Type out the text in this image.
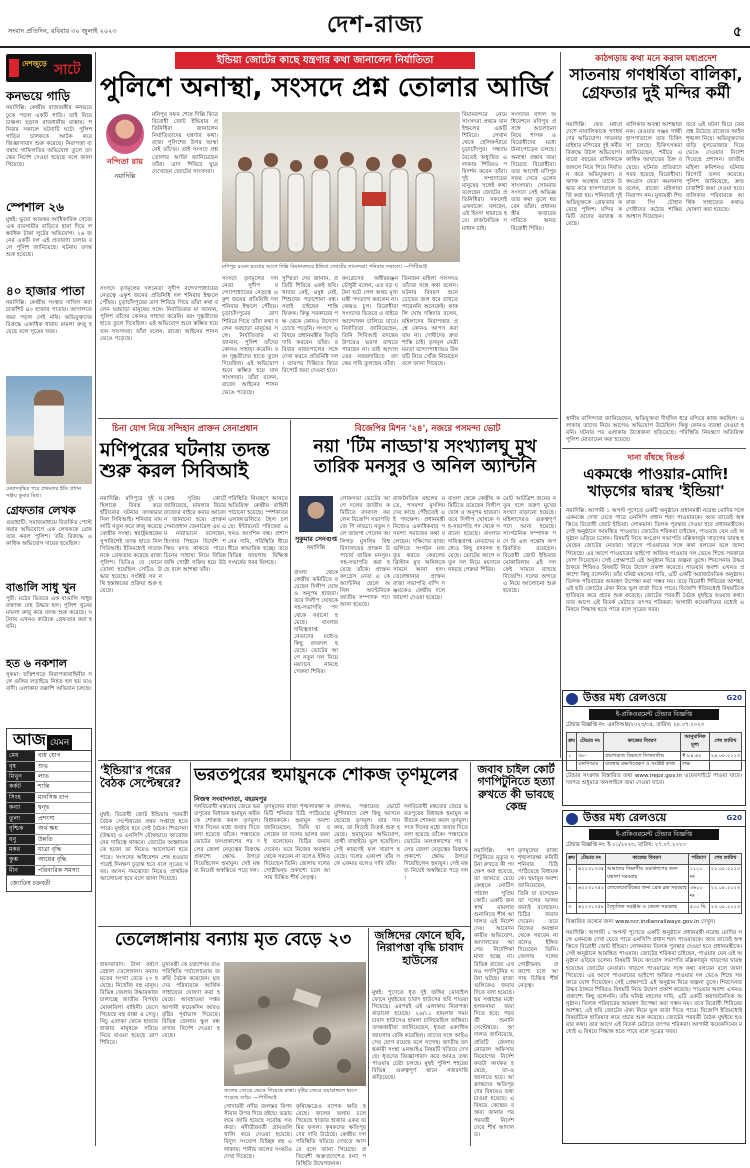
সংবাদ প্রতিদিন, রবিবার ৩০ জুলাই ২০২৩	দেশ-রাজ্য	৫
দেশজুড়ে সাটে
কনভয়ে গাড়ি
নয়াদিল্লি: কেন্দ্রীয় রাজ্যমন্ত্রীর কনভয়ে ঢুকে পড়ল একটি গাড়ি। তাই নিয়ে চাঞ্চল্য ছড়াল রাজধানীর রাস্তায়। শনিবার সকালে ঘটনাটি ঘটে। পুলিশ গাড়ির চালককে আটক করে জিজ্ঞাসাবাদ শুরু করেছে। নিরাপত্তা ব্যবস্থায় গাফিলতির অভিযোগ তুলে তদন্তের নির্দেশ দেওয়া হয়েছে বলে জানা গিয়েছে।
স্পেশাল ২৬
মুম্বই: ভুয়ো আয়কর আধিকারিক সেজে এক ব্যবসায়ীর বাড়িতে হানা দিয়ে লক্ষাধিক টাকা লুটের অভিযোগ। ২৬ জনের একটি দল এই প্রতারণা চালায় বলে পুলিশ জানিয়েছে। ঘটনায় তদন্ত শুরু হয়েছে।
৪০ হাজার পাতা
নয়াদিল্লি: কেন্দ্রীয় সংস্থার দাখিল করা চার্জশিট ৪০ হাজার পাতার। আদালতে জমা পড়ল সেই নথি। অভিযুক্তদের বিরুদ্ধে একাধিক ধারায় মামলা রুজু হয়েছে বলে সূত্রের খবর।
মেয়াদবৃদ্ধির পরে প্রথমবার ইডি প্রধান সঞ্জয় কুমার মিশ্র।
গ্রেফতার লেখক
গুয়াহাটি: সমাজমাধ্যমে বিতর্কিত পোস্ট করার অভিযোগে এক লেখককে গ্রেফতার করল পুলিশ। তাঁর বিরুদ্ধে একাধিক অভিযোগ দায়ের হয়েছিল।
বাঙালি সাধু খুন
পুরী: মঠের ভিতরে এক বাঙালি সাধুর রক্তাক্ত দেহ উদ্ধার হল। পুলিশ খুনের মামলা রুজু করে তদন্ত শুরু করেছে। ঘটনায় এখনও কাউকে গ্রেফতার করা হয়নি।
হত ৬ নকশাল
সুকমা: ছত্তিশগড়ে নিরাপত্তাবাহিনীর সঙ্গে গুলির লড়াইয়ে নিহত হল ছয় মাওবাদী। এলাকায় তল্লাশি অভিযান চলছে।
আজ যেমন
মেষ	ব্যয় যোগ
বৃষ	শুভ
মিথুন	লাভ
কর্কট	শান্তি
সিংহ	মানসিক চাপ
কন্যা	দ্বন্দ্ব
তুলা	প্রশংসা
বৃশ্চিক	অর্থ ক্ষয়
ধনু	উন্নতি
মকর	যাত্রা বৃদ্ধি
কুম্ভ	আয়ের বৃদ্ধি
মীন	পরিবারিক সমস্যা
জ্যোতিষ চক্রবর্তী
ইন্ডিয়া জোটের কাছে যন্ত্রণার কথা জানালেন নির্যাতিতা
পুলিশে অনাস্থা, সংসদে প্রশ্ন তোলার আর্জি
নন্দিতা রায়
নয়াদিল্লি
মনিপুর সফর শেষে দিল্লি ফিরে বিরোধী জোট ইন্ডিয়ার প্রতিনিধিরা জানালেন নির্যাতিতাদের যন্ত্রণার কথা। রাজ্য পুলিশের উপর আস্থা নেই তাঁদের। তাই সংসদে প্রশ্ন তোলার আর্জি জানিয়েছেন তাঁরা। ত্রাণ শিবিরে ঘুরে দেখেছেন জোটের সাংসদরা।
মণিপুর রওনা হওয়ার আগে দিল্লি বিমানবন্দরে ইন্ডিয়া জোটের সাংসদরা। শনিবার সকালে। —পিটিআই
সংসদে তৃণমূলের দলনেতা সুদীপ বন্দ্যোপাধ্যায়ের নেতৃত্বে একুশ জনের প্রতিনিধি দল শনিবার ইম্ফলে পৌঁছয়। চূড়াচাঁদপুরের ত্রাণ শিবিরে গিয়ে তাঁরা কথা বলেন ঘরছাড়া মানুষের সঙ্গে। নির্যাতিতার মা জানান, পুলিশ তাঁদের কোনও সাহায্য করেনি। বরং দুষ্কৃতীদের হাতে তুলে দিয়েছিল। এই অভিযোগ শুনে স্তম্ভিত হয়ে যান সাংসদরা। তাঁরা বলেন, রাজ্যে আইনের শাসন ভেঙে পড়েছে।
সুস্মিতা দেব জানান, প্রতিটি শিবিরে একই ছবি। খাবার নেই, ওষুধ নেই, শিশুদের পড়াশোনা বন্ধ। সবাই চাইছেন শান্তি ফিরুক। কিন্তু সরকারের পক্ষ থেকে কোনও উদ্যোগ চোখে পড়েনি। সংসদে এ বিষয়ে প্রধানমন্ত্রীর বিবৃতি দাবি করবেন তাঁরা। রবিবার রাজ্যপালের সঙ্গে দেখা করবে প্রতিনিধি দল। তারপর দিল্লিতে ফিরে রিপোর্ট জমা দেওয়া হবে।
কংগ্রেসের অধীররঞ্জন চৌধুরী বলেন, এত বড় ঘটনা ঘটে গেল অথচ মুখ্যমন্ত্রী পদত্যাগ করলেন না। কেন্দ্রও চুপ। বিরোধীরা সংসদের ভিতরে ও বাইরে আন্দোলন চালিয়ে যাবে। নির্যাতিতা জানিয়েছেন, তিনি সিবিআই তদন্তের উপরেও ভরসা রাখতে পারছেন না। তাই আদালতের নজরদারিতে তদন্তের দাবি তুলছেন তাঁরা।
তিনজন মহিলা সাংসদও তাঁদের সঙ্গে কথা বলেন। ঘটনার বিবরণ শুনে চোখের জল ধরে রাখতে পারেননি অনেকেই। কাকলি ঘোষ দস্তিদার বলেন, মহিলাদের নিরাপত্তার প্রশ্নে কোনও আপস করা যায় না। দোষীদের দ্রুত শাস্তি চাই। তৃণমূল নেত্রী মমতা বন্দ্যোপাধ্যায়ও বিষয়টি নিয়ে খোঁজ নিয়েছেন বলে জানা গিয়েছে।
বিমানবন্দরে নেমে সাংসদরা প্রথমে যান ইম্ফলের একটি শিবিরে। সেখান থেকে হেলিকপ্টারে চূড়াচাঁদপুর। সন্ধ্যায় মৈতেই অধ্যুষিত এলাকার শিবিরও পরিদর্শন করেন তাঁরা। দুই সম্প্রদায়ের মানুষের সঙ্গেই কথা বলেছেন জোটের প্রতিনিধিরা। সকলেই একবাক্যে বলছেন, এই হিংসা থামাতে হবে। রাজনৈতিক সমাধান চাই।
সংসদের বাদল অধিবেশনে মণিপুর প্রসঙ্গে আলোচনা নিয়ে শাসক ও বিরোধীদের মধ্যে টানাপোড়েন চলছে। অনাস্থা প্রস্তাব জমা দিয়েছে বিরোধীরা। তার আগেই মণিপুর সফর সেরে এলেন সাংসদরা। সোমবার সংসদে সেই অভিজ্ঞতার কথা তুলে ধরবেন তাঁরা। প্রধানমন্ত্রীর জবাবের দাবিতে অনড় বিরোধী শিবির।
সংসদে তৃণমূলের দলনেতা সুদীপ বন্দ্যোপাধ্যায়ের নেতৃত্বে একুশ জনের প্রতিনিধি দল শনিবার ইম্ফলে পৌঁছয়। চূড়াচাঁদপুরের ত্রাণ শিবিরে গিয়ে তাঁরা কথা বলেন ঘরছাড়া মানুষের সঙ্গে। নির্যাতিতার মা জানান, পুলিশ তাঁদের কোনও সাহায্য করেনি। বরং দুষ্কৃতীদের হাতে তুলে দিয়েছিল। এই অভিযোগ শুনে স্তম্ভিত হয়ে যান সাংসদরা। তাঁরা বলেন, রাজ্যে আইনের শাসন ভেঙে পড়েছে।
চিনা যোগ নিয়ে সন্দিহান প্রাক্তন সেনাপ্রধান
মণিপুরের ঘটনায় তদন্ত শুরু করল সিবিআই
নয়াদিল্লি: মণিপুরে দুই মহিলাকে বিবস্ত্র করে হাঁটানোর ঘটনার তদন্তভার নিল সিবিআই। শনিবার মামলাটি নতুন করে রুজু করেছে কেন্দ্রীয় সংস্থা। স্বরাষ্ট্রমন্ত্রকের সুপারিশেই তদন্ত হাতে নিল সিবিআই। ইতিমধ্যেই সাতজনকে গ্রেফতার করেছে রাজ্য পুলিশ। ভিডিও যে ফোনে তোলা হয়েছিল সেটিও উদ্ধার হয়েছে। সংশ্লিষ্ট সব নথি হস্তান্তরের প্রক্রিয়া শুরু হয়েছে।
কেন্দ্র সুপ্রিম কোর্টে জানিয়েছে, মামলার বিচার রাজ্যের বাইরে করার আবেদন জানানো হবে। প্রাক্তন সেনাপ্রধান জেনারেল এম এম নারাভানে বলেছেন, হিংসার পিছনে বিদেশি শক্তির মদত থাকতে পারে। চিনের সাহায্য নিয়ে বিভিন্ন জঙ্গি গোষ্ঠী সক্রিয় হয়ে উঠছে বলে আশঙ্কা তাঁর।
পরিস্থিতি নিয়ন্ত্রণে আনতে অতিরিক্ত কেন্দ্রীয় বাহিনী পাঠানো হয়েছে। স্পর্শকাতর এলাকাগুলিতে টহল চলছে। ইন্টারনেট পরিষেবা এখনও আংশিক বন্ধ। প্রশাসনের দাবি, পরিস্থিতি ধীরে ধীরে স্বাভাবিক হচ্ছে। তবে বিভিন্ন জায়গায় বিক্ষিপ্ত সংঘর্ষের খবর মিলছে।
বিজেপির মিশন '২৪', নজরে পসমন্দা ভোট
নয়া 'টিম নাড্ডা'য় সংখ্যালঘু মুখ তারিক মনসুর ও অনিল অ্যান্টনি
সুকুমার সেনগুপ্ত
নয়াদিল্লি
লোকসভা ভোটের আগে দলের জাতীয় কমিটিতে রদবদল করলেন বিজেপি সভাপতি জে পি নাড্ডা। নতুন দলে জায়গা পেলেন আলিগড় মুসলিম বিশ্ববিদ্যালয়ের প্রাক্তন উপাচার্য তারিক মনসুর। সহ-সভাপতি করা হয়েছে তাঁকে। প্রাক্তন কংগ্রেস নেতা এ কে অ্যান্টনির ছেলে অনিল অ্যান্টনিকে জাতীয় সম্পাদক পদে আনা হয়েছে।
রাজনৈতিক মহলের মতে, পসমন্দা মুসলিমদের কাছে পৌঁছতেই এই পদক্ষেপ। প্রধানমন্ত্রী নিজেও একাধিকবার পসমন্দা সমাজের কথা বলেছেন। দক্ষিণের রাজ্যগুলিতে সংগঠন মজবুত করতে কেরলের খ্রিস্টান মুখ অনিলকে সামনে আনা হল। তেলেঙ্গানার প্রাক্তন রাজ্য সভাপতি বান্দি সঞ্জয়কেও কেন্দ্রীয় দলে জায়গা দেওয়া হয়েছে।
বাংলা থেকে কেন্দ্রীয় কমিটিতে রয়েছেন দিলীপ ঘোষ ও অনুপম হাজরা। তবে দিলীপ ঘোষকে সহ-সভাপতি পদ থেকে সরানো হয়েছে। বাংলার দায়িত্বপ্রাপ্ত নেতাদের মধ্যেও কিছু রদবদল হয়েছে। ভোটের আগে নতুন দল নিয়ে ময়দানে নামছে গেরুয়া শিবির।
মোট আটত্রিশ জনের নতুন দলে তরুণ মুখের সংখ্যা বাড়ানো হয়েছে। মহিলাদেরও গুরুত্বপূর্ণ পদে আনা হয়েছে। সাংগঠনিক সম্পাদক পদে বি এল সন্তোষ অপরিবর্তিত রয়েছেন। বিরোধী জোট ইন্ডিয়ার মোকাবিলায় এই দলকেই সামনে রাখছে বিজেপি। দলের অন্দরে এ নিয়ে আলোচনা শুরু হয়েছে।
বাংলা থেকে কেন্দ্রীয় কমিটিতে রয়েছেন দিলীপ ঘোষ ও অনুপম হাজরা। তবে দিলীপ ঘোষকে সহ-সভাপতি পদ থেকে সরানো হয়েছে। বাংলার দায়িত্বপ্রাপ্ত নেতাদের মধ্যেও কিছু রদবদল হয়েছে। ভোটের আগে নতুন দল নিয়ে ময়দানে নামছে গেরুয়া শিবির।
কাঠগড়ায় কথা মনে করাল মধ্যপ্রদেশ
সাতনায় গণধর্ষিতা বালিকা, গ্রেফতার দুই মন্দির কর্মী
নয়াদিল্লি: ফের মধ্যপ্রদেশে নাবালিকাকে গণধর্ষণের অভিযোগ। সাতনার মাইহার মন্দিরের দুই কর্মীর বিরুদ্ধে উঠল অভিযোগ। বারো বছরের বালিকাকে জঙ্গলে নিয়ে গিয়ে নির্যাতন করে অভিযুক্তরা। রক্তাক্ত অবস্থায় তাকে উদ্ধার করে হাসপাতালে ভর্তি করা হয়। শনিবারই দুই অভিযুক্তকে গ্রেফতার করেছে পুলিশ। মন্দির কমিটি তাদের বরখাস্ত করেছে।
বালিকার অবস্থা আশঙ্কাজনক। রেওয়ার সঞ্জয় গান্ধী হাসপাতালে তার চিকিৎসা চলছে। চিকিৎসকরা জানিয়েছেন, শরীরে একাধিক আঘাতের চিহ্ন রয়েছে। ঘটনার প্রতিবাদে সরব হয়েছে বিরোধীরা। কংগ্রেস নেতা কমলনাথ বলেন, রাজ্যে মহিলারা নিরাপদ নন। মুখ্যমন্ত্রী শিবরাজ সিং চৌহান দোষীদের কঠোর শাস্তির আশ্বাস দিয়েছেন।
তবে এই ঘটনা ঘিরে ফের প্রশ্ন উঠেছে রাজ্যের আইনশৃঙ্খলা নিয়ে। অভিযুক্তদের বাড়ি বুলডোজার দিয়ে ভেঙে দেওয়ার নির্দেশ দিয়েছে প্রশাসন। জাতীয় মহিলা কমিশনও ঘটনার রিপোর্ট তলব করেছে। পুলিশ জানিয়েছে, দ্রুত চার্জশিট জমা দেওয়া হবে। বালিকার পরিবারকে আর্থিক সাহায্যের কথাও ঘোষণা করা হয়েছে।
স্থানীয় বাসিন্দারা জানিয়েছেন, অভিযুক্তরা দীর্ঘদিন ধরে মন্দিরে কাজ করছিল। এলাকায় তাদের নিয়ে আগেও অভিযোগ উঠেছিল। কিন্তু কোনও ব্যবস্থা নেওয়া হয়নি। ঘটনার পর এলাকায় উত্তেজনা ছড়িয়েছে। পরিস্থিতি নিয়ন্ত্রণে অতিরিক্ত পুলিশ মোতায়েন করা হয়েছে।
দানা বাঁধছে বিতর্ক
একমঞ্চে পাওয়ার-মোদি! খাড়গের দ্বারস্থ 'ইন্ডিয়া'
নয়াদিল্লি: আগামী ১ অগস্ট পুণেতে একটি অনুষ্ঠানে প্রধানমন্ত্রী নরেন্দ্র মোদির সঙ্গে একমঞ্চে দেখা যেতে পারে এনসিপি প্রধান শরদ পাওয়ারকে। আর তাতেই অস্বস্তিতে বিরোধী জোট ইন্ডিয়া। লোকমান্য তিলক পুরস্কার দেওয়া হবে প্রধানমন্ত্রীকে। সেই অনুষ্ঠানে আমন্ত্রিত পাওয়ার। জোটের শরিকরা চাইছেন, পাওয়ার যেন ওই অনুষ্ঠান এড়িয়ে চলেন। বিষয়টি নিয়ে কংগ্রেস সভাপতি মল্লিকার্জুন খাড়গের দ্বারস্থ হয়েছেন জোটের নেতারা। খাড়গে পাওয়ারের সঙ্গে কথা বলবেন বলে জানা গিয়েছে। এর আগে পাওয়ারের ভাইপো অজিত পাওয়ার দল ভেঙে শিন্ডে সরকারে যোগ দিয়েছেন। সেই প্রেক্ষাপটে এই অনুষ্ঠান ঘিরে জল্পনা তুঙ্গে। শিবসেনার উদ্ধব ঠাকরে শিবিরও বিষয়টি নিয়ে উদ্বেগ প্রকাশ করেছে। পাওয়ার অবশ্য এখনও প্রকাশ্যে কিছু বলেননি। তাঁর ঘনিষ্ঠ মহলের দাবি, এটি একটি অরাজনৈতিক অনুষ্ঠান। তিলক পরিবারের আমন্ত্রণ উপেক্ষা করা সম্ভব নয়। তবে বিরোধী শিবিরের আশঙ্কা, এই ছবি জোটের ঐক্য নিয়ে ভুল বার্তা দিতে পারে। বিজেপি ইতিমধ্যেই বিষয়টিকে হাতিয়ার করে প্রচার শুরু করেছে। জোটের পরবর্তী বৈঠক মুম্বইয়ে হওয়ার কথা। তার আগে এই বিতর্ক মেটাতে তৎপর শরিকরা। আগামী কয়েকদিনের মধ্যেই এ বিষয়ে সিদ্ধান্ত হতে পারে বলে সূত্রের খবর।
'ইন্ডিয়া'র পরের বৈঠক সেপ্টেম্বরে?
মুম্বই: বিরোধী জোট ইন্ডিয়ার পরবর্তী বৈঠক সেপ্টেম্বরের প্রথম সপ্তাহে হতে পারে। মুম্বইয়ে হবে সেই বৈঠক। শিবসেনা (উদ্ধব) ও এনসিপি যৌথভাবে আয়োজনের দায়িত্বে থাকবে। জোটের আহ্বায়ক কে হবেন তা নিয়েও আলোচনা হতে পারে। সংসদের অধিবেশন শেষ হওয়ার পরেই দিনক্ষণ চূড়ান্ত হবে বলে সূত্রের খবর। আসন সমঝোতা নিয়েও প্রাথমিক আলোচনা হবে বলে জানা গিয়েছে।
ভরতপুরের হুমায়ুনকে শোকজ তৃণমূলের
নিজস্ব সংবাদদাতা, বহরমপুর
দলবিরোধী মন্তব্যের জেরে ভরতপুরের বিধায়ক হুমায়ুন কবীরকে শোকজ করল তৃণমূল। সাত দিনের মধ্যে জবাব দিতে বলা হয়েছে তাঁকে। পঞ্চায়েত ভোটের ফলপ্রকাশের পর দলের জেলা নেতৃত্বের বিরুদ্ধে প্রকাশ্যে ক্ষোভ উগরে দিয়েছিলেন হুমায়ুন। সেই মন্তব্য নিয়েই অস্বস্তিতে পড়ে দল।
তৃণমূলের রাজ্য শৃঙ্খলারক্ষা কমিটি শনিবার চিঠি পাঠিয়েছে বিধায়ককে। হুমায়ুন অবশ্য জানিয়েছেন, তিনি যা বলেছেন তা দলের ভালর জন্যই বলেছেন। চিঠির জবাব দেবেন। তবে নিজের অবস্থান থেকে সরবেন না বলেও ইঙ্গিত দিয়েছেন তিনি। জেলায় দলের গোষ্ঠীদ্বন্দ্ব প্রকাশ্যে চলে আসায় চিন্তিত শীর্ষ নেতৃত্ব।
প্রসঙ্গত, পঞ্চায়েত ভোটে মুর্শিদাবাদে বেশ কিছু আসনে হেরেছে তৃণমূল। তার দায় কার, তা নিয়েই বিতর্ক শুরু হয়েছে। হুমায়ুনের অভিযোগ, প্রার্থী বাছাইয়ে ভুল হয়েছিল। সেই কারণেই ফল খারাপ হয়েছে। দলের একাংশ তাঁর সঙ্গে একমত বলেও দাবি তাঁর।
দলবিরোধী মন্তব্যের জেরে ভরতপুরের বিধায়ক হুমায়ুন কবীরকে শোকজ করল তৃণমূল। সাত দিনের মধ্যে জবাব দিতে বলা হয়েছে তাঁকে। পঞ্চায়েত ভোটের ফলপ্রকাশের পর দলের জেলা নেতৃত্বের বিরুদ্ধে প্রকাশ্যে ক্ষোভ উগরে দিয়েছিলেন হুমায়ুন। সেই মন্তব্য নিয়েই অস্বস্তিতে পড়ে দল।
জবাব চাইল কোর্ট গণপিটুনিতে হত্যা রুখতে কী ভাবছে কেন্দ্র
নয়াদিল্লি: গণপিটুনিতে মৃত্যুর ঘটনা রুখতে কী পদক্ষেপ করা হয়েছে, তা জানতে চেয়ে কেন্দ্রকে নোটিস পাঠাল সুপ্রিম কোর্ট। একটি জনস্বার্থ মামলার শুনানিতে শীর্ষ আদালত এই নির্দেশ দেয়। আবেদনকারীর অভিযোগ, আদালতের আগের নির্দেশিকা মানা হচ্ছে না। বিভিন্ন রাজ্যে এখনও গণপিটুনির ঘটনা ঘটছে। রাজ্যগুলিকেও জবাব দিতে বলা হয়েছে। ছয় সপ্তাহের মধ্যে হলফনামা জমা দিতে হবে। পরবর্তী শুনানি সেপ্টেম্বরে। আদালত জানিয়েছে, প্রতিটি জেলায় নোডাল অফিসার নিয়োগের নির্দেশ কতটা কার্যকর হয়েছে, তা-ও জানাতে হবে। আক্রান্তদের ক্ষতিপূরণের বিষয়েও তথ্য চাওয়া হয়েছে। এ বিষয়ে কেন্দ্রের বক্তব্য জানার পর পরবর্তী নির্দেশ দেবে শীর্ষ আদালত।
তৃণমূলের রাজ্য শৃঙ্খলারক্ষা কমিটি শনিবার চিঠি পাঠিয়েছে বিধায়ককে। হুমায়ুন অবশ্য জানিয়েছেন, তিনি যা বলেছেন তা দলের ভালর জন্যই বলেছেন। চিঠির জবাব দেবেন। তবে নিজের অবস্থান থেকে সরবেন না বলেও ইঙ্গিত দিয়েছেন তিনি। জেলায় দলের গোষ্ঠীদ্বন্দ্ব প্রকাশ্যে চলে আসায় চিন্তিত শীর্ষ নেতৃত্ব।
তেলেঙ্গানায় বন্যায় মৃত বেড়ে ২৩
হায়দরাবাদ: টানা বর্ষণে বেহাল তেলেঙ্গানা। বন্যায় মৃতের সংখ্যা বেড়ে ২৩ হয়েছে। নিখোঁজ বহু মানুষ। বিভিন্ন জেলায় উদ্ধারকাজ চালাচ্ছে জাতীয় বিপর্যয় মোকাবিলা বাহিনী। ভেসে গিয়েছে বহু রাস্তা ও সেতু। নিচু এলাকা থেকে হাজার হাজার মানুষকে সরিয়ে নিয়ে যাওয়া হয়েছে ত্রাণ শিবিরে।
মুখ্যমন্ত্রী কে চন্দ্রশেখর রাও পরিস্থিতি পর্যালোচনায় জরুরি বৈঠক করেছেন। মৃতদের পরিবারকে আর্থিক সাহায্যের ঘোষণা করা হয়েছে। আবহাওয়া দপ্তর আগামী কয়েকদিন আরও বৃষ্টির পূর্বাভাস দিয়েছে। বিভিন্ন জেলায় স্কুল বন্ধ রাখার নির্দেশ দেওয়া হয়েছে।
জলের তোড়ে ভেঙে গিয়েছে রাস্তা। বৃষ্টির জেরে ওয়ারাঙ্গলে ধ্বসে পড়েছে বাড়ি। —পিটিআই
গোদাবরী নদীর জলস্তর বিপদসীমার উপর দিয়ে বইছে। ভদ্রাচলমে জারি হয়েছে সর্বোচ্চ সতর্কতা। নদীতীরবর্তী গ্রামগুলি খালি করে দেওয়া হয়েছে। বিদ্যুৎ সংযোগ বিচ্ছিন্ন বহু এলাকায়। পানীয় জলের সংকটও দেখা দিয়েছে।
কৃষিক্ষেত্রেও ব্যাপক ক্ষতি হয়েছে। জলের তলায় চলে গিয়েছে হাজার হাজার একর জমির ফসল। কৃষকদের ক্ষতিপূরণের দাবি উঠেছে। কেন্দ্রীয় দল পরিস্থিতি খতিয়ে দেখতে আসবে বলে জানা গিয়েছে। প্রতিবেশী অন্ধ্রপ্রদেশেও বন্যা পরিস্থিতি উদ্বেগজনক।
জঙ্গিদের ফোনে ছবি, নিরাপত্তা বৃদ্ধি চাবাদ হাউসের
মুম্বই: পুণেতে ধৃত দুই জঙ্গির মোবাইল ফোনে মুম্বইয়ের চাবাদ হাউসের ছবি পাওয়া গিয়েছে। এরপরই ওই এলাকায় নিরাপত্তা বাড়ানো হয়েছে। ২৬/১১ হামলার সময় চাবাদ হাউসেও হামলা চালিয়েছিল জঙ্গিরা। তদন্তকারীরা জানিয়েছেন, ধৃতরা একাধিক জায়গার রেকি করেছিল। তাদের সঙ্গে আইএসের যোগ রয়েছে বলে সন্দেহ। জাতীয় তদন্তকারী সংস্থা এনআইএ বিষয়টি খতিয়ে দেখছে। ধৃতদের জিজ্ঞাসাবাদ করে আরও তথ্য পাওয়ার চেষ্টা চলছে। মুম্বই পুলিশ শহরের বিভিন্ন গুরুত্বপূর্ণ স্থানে নজরদারি বাড়িয়েছে।
উত্তর মধ্য রেলওয়ে	G20
ই-প্রকিওরমেন্ট টেন্ডার বিজ্ঞপ্তি
টেন্ডার বিজ্ঞপ্তি নং: এনসিআর/২০২৩/৩৫, তারিখ: ২৮.০৭.২০২৩
ক্রম	টেন্ডার নং	কাজের বিবরণ	আনুমানিক মূল্য	শেষ তারিখ
১	৩৮-এনসিআর	প্রয়াগরাজ বিভাগে সিগন্যালিং ব্যবস্থার রক্ষণাবেক্ষণ ও সংশ্লিষ্ট কাজ	₹ ৮৪.৬২ লক্ষ	২৪.০৮.২০২৩
টেন্ডার সংক্রান্ত বিস্তারিত তথ্য www.ireps.gov.in ওয়েবসাইটে পাওয়া যাবে। দরপত্র শুধুমাত্র অনলাইনে জমা দেওয়া যাবে।
উত্তর মধ্য রেলওয়ে	G20
ই-প্রকিওরমেন্ট টেন্ডার বিজ্ঞপ্তি
টেন্ডার বিজ্ঞপ্তি নং: ই-১১/২০২৩, তারিখ: ২৭.০৭.২০২৩
ক্রম	টেন্ডার নং	কাজের বিবরণ	পরিমাণ	শেষ তারিখ
১	৬২২৩১৭৩৫	আমাদের বিভাগীয় ওয়ার্কশপের জন্য যন্ত্রাংশ সরবরাহ	১১০০ নং	২২.০৮.২০২৩
২	৬২২৩১৭৪২	লোকোমোটিভের জন্য ব্রেক ব্লক সরবরাহ	৩৬০০ নং	২২.০৮.২০২৩
৩	৬২২৩১৭৫৮	বৈদ্যুতিক সরঞ্জাম ও কেবল সরবরাহ	৫০০ মি.	২৩.০৮.২০২৩
বিস্তারিত তথ্যের জন্য www.ncr.indianrailways.gov.in দেখুন।
নয়াদিল্লি: আগামী ১ অগস্ট পুণেতে একটি অনুষ্ঠানে প্রধানমন্ত্রী নরেন্দ্র মোদির সঙ্গে একমঞ্চে দেখা যেতে পারে এনসিপি প্রধান শরদ পাওয়ারকে। আর তাতেই অস্বস্তিতে বিরোধী জোট ইন্ডিয়া। লোকমান্য তিলক পুরস্কার দেওয়া হবে প্রধানমন্ত্রীকে। সেই অনুষ্ঠানে আমন্ত্রিত পাওয়ার। জোটের শরিকরা চাইছেন, পাওয়ার যেন ওই অনুষ্ঠান এড়িয়ে চলেন। বিষয়টি নিয়ে কংগ্রেস সভাপতি মল্লিকার্জুন খাড়গের দ্বারস্থ হয়েছেন জোটের নেতারা। খাড়গে পাওয়ারের সঙ্গে কথা বলবেন বলে জানা গিয়েছে। এর আগে পাওয়ারের ভাইপো অজিত পাওয়ার দল ভেঙে শিন্ডে সরকারে যোগ দিয়েছেন। সেই প্রেক্ষাপটে এই অনুষ্ঠান ঘিরে জল্পনা তুঙ্গে। শিবসেনার উদ্ধব ঠাকরে শিবিরও বিষয়টি নিয়ে উদ্বেগ প্রকাশ করেছে। পাওয়ার অবশ্য এখনও প্রকাশ্যে কিছু বলেননি। তাঁর ঘনিষ্ঠ মহলের দাবি, এটি একটি অরাজনৈতিক অনুষ্ঠান। তিলক পরিবারের আমন্ত্রণ উপেক্ষা করা সম্ভব নয়। তবে বিরোধী শিবিরের আশঙ্কা, এই ছবি জোটের ঐক্য নিয়ে ভুল বার্তা দিতে পারে। বিজেপি ইতিমধ্যেই বিষয়টিকে হাতিয়ার করে প্রচার শুরু করেছে। জোটের পরবর্তী বৈঠক মুম্বইয়ে হওয়ার কথা। তার আগে এই বিতর্ক মেটাতে তৎপর শরিকরা। আগামী কয়েকদিনের মধ্যেই এ বিষয়ে সিদ্ধান্ত হতে পারে বলে সূত্রের খবর।
